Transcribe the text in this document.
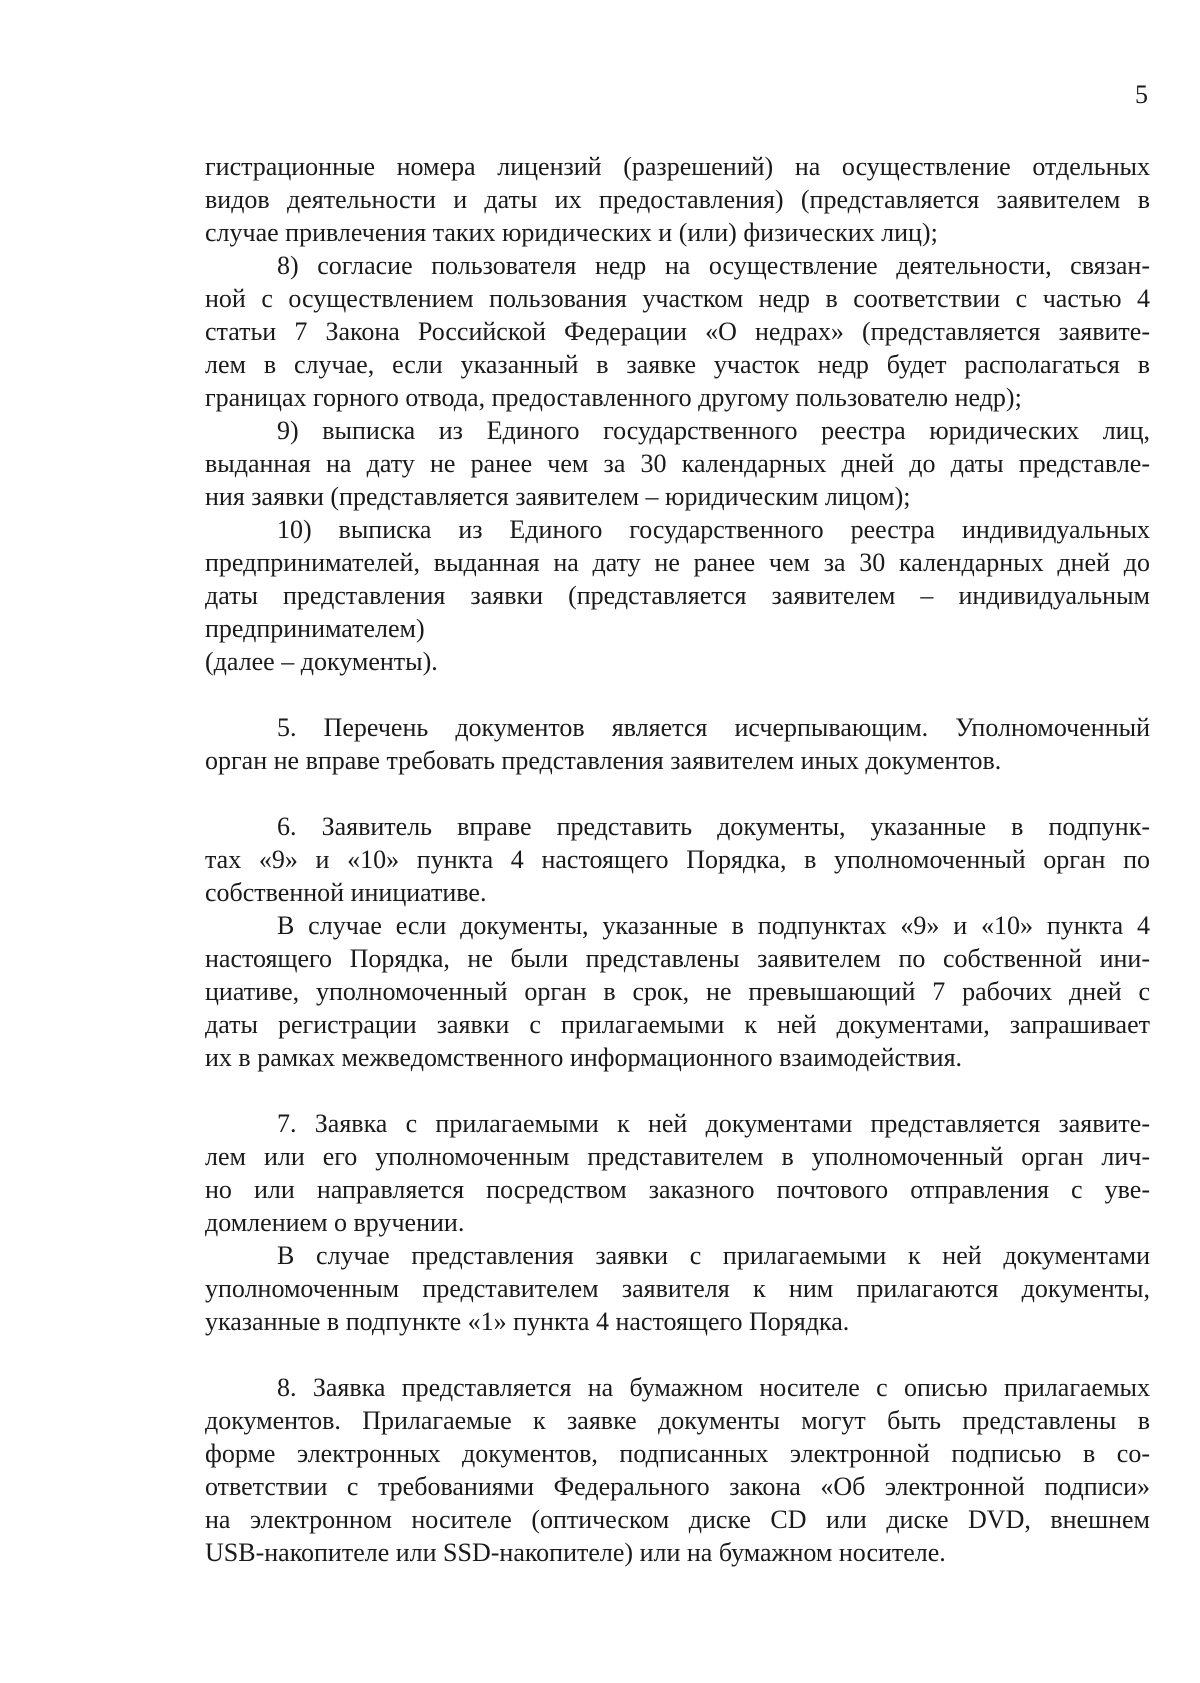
5
гистрационные номера лицензий (разрешений) на осуществление отдельных
видов деятельности и даты их предоставления) (представляется заявителем в
случае привлечения таких юридических и (или) физических лиц);
8) согласие пользователя недр на осуществление деятельности, связан-
ной с осуществлением пользования участком недр в соответствии с частью 4
статьи 7 Закона Российской Федерации «О недрах» (представляется заявите-
лем в случае, если указанный в заявке участок недр будет располагаться в
границах горного отвода, предоставленного другому пользователю недр);
9) выписка из Единого государственного реестра юридических лиц,
выданная на дату не ранее чем за 30 календарных дней до даты представле-
ния заявки (представляется заявителем – юридическим лицом);
10) выписка из Единого государственного реестра индивидуальных
предпринимателей, выданная на дату не ранее чем за 30 календарных дней до
даты представления заявки (представляется заявителем – индивидуальным
предпринимателем)
(далее – документы).
5. Перечень документов является исчерпывающим. Уполномоченный
орган не вправе требовать представления заявителем иных документов.
6. Заявитель вправе представить документы, указанные в подпунк-
тах «9» и «10» пункта 4 настоящего Порядка, в уполномоченный орган по
собственной инициативе.
В случае если документы, указанные в подпунктах «9» и «10» пункта 4
настоящего Порядка, не были представлены заявителем по собственной ини-
циативе, уполномоченный орган в срок, не превышающий 7 рабочих дней с
даты регистрации заявки с прилагаемыми к ней документами, запрашивает
их в рамках межведомственного информационного взаимодействия.
7. Заявка с прилагаемыми к ней документами представляется заявите-
лем или его уполномоченным представителем в уполномоченный орган лич-
но или направляется посредством заказного почтового отправления с уве-
домлением о вручении.
В случае представления заявки с прилагаемыми к ней документами
уполномоченным представителем заявителя к ним прилагаются документы,
указанные в подпункте «1» пункта 4 настоящего Порядка.
8. Заявка представляется на бумажном носителе с описью прилагаемых
документов. Прилагаемые к заявке документы могут быть представлены в
форме электронных документов, подписанных электронной подписью в со-
ответствии с требованиями Федерального закона «Об электронной подписи»
на электронном носителе (оптическом диске CD или диске DVD, внешнем
USB-накопителе или SSD-накопителе) или на бумажном носителе.
